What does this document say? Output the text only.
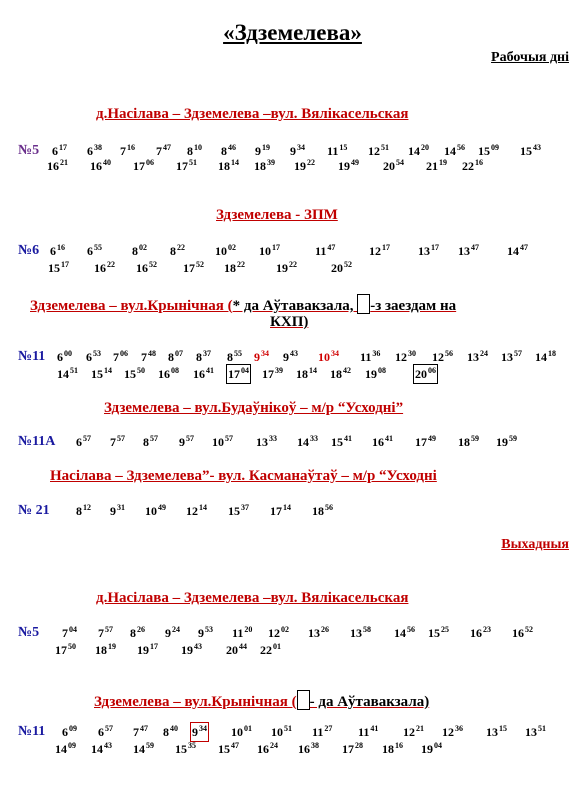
«Здземелева»
Рабочыя дні
д.Насілава – Здземелева –вул. Вялікасельская
№5 $6^{17}$ $6^{38}$ $7^{16}$ $7^{47}$ $8^{10}$ $8^{46}$ $9^{19}$ $9^{34}$ $11^{15}$ $12^{51}$ $14^{20}$ $14^{56}$ $15^{09}$ $15^{43}$
$16^{21}$ $16^{40}$ $17^{06}$ $17^{51}$ $18^{14}$ $18^{39}$ $19^{22}$ $19^{49}$ $20^{54}$ $21^{19}$ $22^{16}$
Здземелева - ЗПМ
№6 $6^{16}$ $6^{55}$	$8^{02}$ $8^{22}$	$10^{02}$ $10^{17}$	$11^{47}$	$12^{17}$ $13^{17}$ $13^{47}$ $14^{47}$
$15^{17}$ $16^{22}$ $16^{52}$ $17^{52}$ $18^{22}$	$19^{22}$	$20^{52}$
Здземелева – вул.Крынічная (* да Аўтавакзала, -з заездам на
КХП)
№11 $6^{00}$ $6^{53}$ $7^{06}$ $7^{48}$ $8^{07}$ $8^{37}$ $8^{55}$ $9^{34}$ $9^{43}$ $10^{34}$ $11^{36}$ $12^{30}$ $12^{56}$ $13^{24}$ $13^{57}$ $14^{18}$
$14^{51}$ $15^{14}$ $15^{50}$ $16^{08}$ $16^{41}$ $17^{04}$ $17^{39}$ $18^{14}$ $18^{42}$ $19^{08}$ $20^{06}$
Здземелева – вул.Будаўнікоў – м/р “Усходні”
№11А $6^{57}$ $7^{57}$ $8^{57}$ $9^{57}$ $10^{57}$ $13^{33}$ $14^{33}$ $15^{41}$ $16^{41}$ $17^{49}$ $18^{59}$ $19^{59}$
Насілава – Здземелева”- вул. Касманаўтаў – м/р “Усходні
№ 21 $8^{12}$ $9^{31}$ $10^{49}$ $12^{14}$ $15^{37}$ $17^{14}$ $18^{56}$
Выхадныя
д.Насілава – Здземелева –вул. Вялікасельская
№5 $7^{04}$ $7^{57}$ $8^{26}$ $9^{24}$ $9^{53}$ $11^{20}$ $12^{02}$ $13^{26}$ $13^{58}$ $14^{56}$ $15^{25}$ $16^{23}$ $16^{52}$
$17^{50}$ $18^{19}$ $19^{17}$ $19^{43}$ $20^{44}$ $22^{01}$
Здземелева – вул.Крынічная ( - да Аўтавакзала)
№11 $6^{09}$ $6^{57}$ $7^{47}$ $8^{40}$ $9^{34}$ $10^{01}$ $10^{51}$ $11^{27}$ $11^{41}$ $12^{21}$ $12^{36}$ $13^{15}$ $13^{51}$
$14^{09}$ $14^{43}$ $14^{59}$ $15^{35}$ $15^{47}$ $16^{24}$ $16^{38}$ $17^{28}$ $18^{16}$ $19^{04}$
